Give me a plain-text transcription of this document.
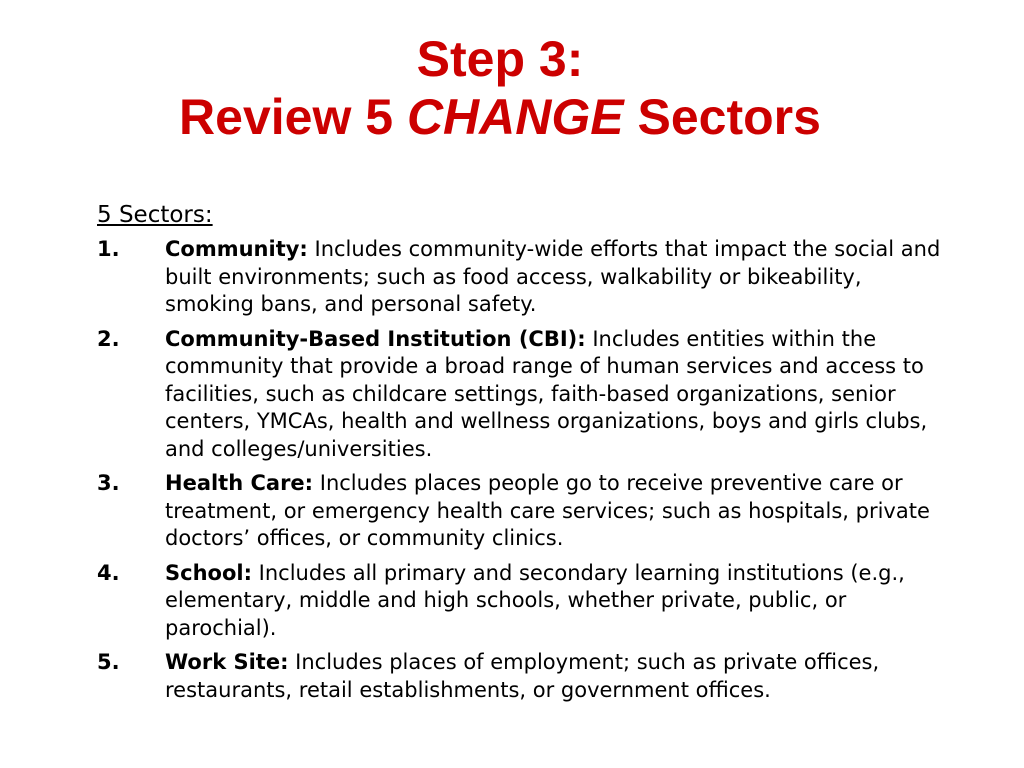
Step 3:
Review 5 CHANGE Sectors
5 Sectors:
1.	Community: Includes community-wide efforts that impact the social and built environments; such as food access, walkability or bikeability, smoking bans, and personal safety.
2.	Community-Based Institution (CBI): Includes entities within the community that provide a broad range of human services and access to facilities, such as childcare settings, faith-based organizations, senior centers, YMCAs, health and wellness organizations, boys and girls clubs, and colleges/universities.
3.	Health Care: Includes places people go to receive preventive care or treatment, or emergency health care services; such as hospitals, private doctors’ offices, or community clinics.
4.	School: Includes all primary and secondary learning institutions (e.g., elementary, middle and high schools, whether private, public, or parochial).
5.	Work Site: Includes places of employment; such as private offices, restaurants, retail establishments, or government offices.
